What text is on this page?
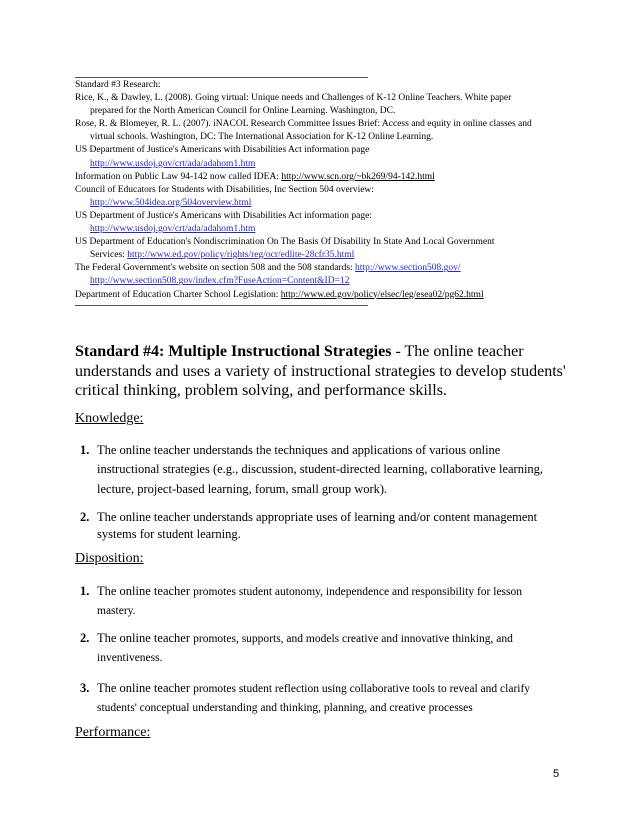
Standard #3 Research:
Rice, K., & Dawley, L. (2008). Going virtual: Unique needs and Challenges of K-12 Online Teachers. White paper
prepared for the North American Council for Online Learning. Washington, DC.
Rose, R. & Blomeyer, R. L. (2007). iNACOL Research Committee Issues Brief: Access and equity in online classes and
virtual schools. Washington, DC: The International Association for K-12 Online Learning.
US Department of Justice's Americans with Disabilities Act information page
http://www.usdoj.gov/crt/ada/adahom1.htm
Information on Public Law 94-142 now called IDEA: http://www.scn.org/~bk269/94-142.html
Council of Educators for Students with Disabilities, Inc Section 504 overview:
http://www.504idea.org/504overview.html
US Department of Justice's Americans with Disabilities Act information page:
http://www.usdoj.gov/crt/ada/adahom1.htm
US Department of Education's Nondiscrimination On The Basis Of Disability In State And Local Government
Services: http://www.ed.gov/policy/rights/reg/ocr/edlite-28cfr35.html
The Federal Government's website on section 508 and the 508 standards: http://www.section508.gov/
http://www.section508.gov/index.cfm?FuseAction=Content&ID=12
Department of Education Charter School Legislation: http://www.ed.gov/policy/elsec/leg/esea02/pg62.html
Standard #4: Multiple Instructional Strategies - The online teacher understands and uses a variety of instructional strategies to develop students' critical thinking, problem solving, and performance skills.
Knowledge:
1. The online teacher understands the techniques and applications of various online instructional strategies (e.g., discussion, student-directed learning, collaborative learning, lecture, project-based learning, forum, small group work).
2. The online teacher understands appropriate uses of learning and/or content management systems for student learning.
Disposition:
1. The online teacher promotes student autonomy, independence and responsibility for lesson mastery.
2. The online teacher promotes, supports, and models creative and innovative thinking, and inventiveness.
3. The online teacher promotes student reflection using collaborative tools to reveal and clarify students' conceptual understanding and thinking, planning, and creative processes
Performance:
5
